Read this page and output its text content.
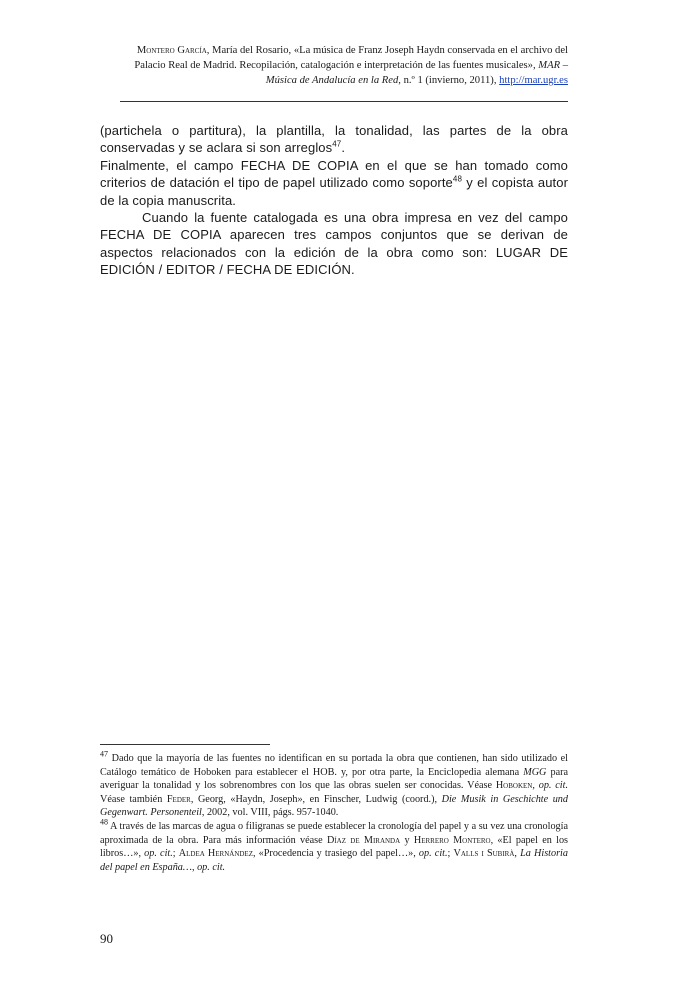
Montero García, María del Rosario, «La música de Franz Joseph Haydn conservada en el archivo del Palacio Real de Madrid. Recopilación, catalogación e interpretación de las fuentes musicales», MAR – Música de Andalucía en la Red, n.º 1 (invierno, 2011), http://mar.ugr.es

(partichela o partitura), la plantilla, la tonalidad, las partes de la obra conservadas y se aclara si son arreglos$^{47}$.

Finalmente, el campo FECHA DE COPIA en el que se han tomado como criterios de datación el tipo de papel utilizado como soporte$^{48}$ y el copista autor de la copia manuscrita.

Cuando la fuente catalogada es una obra impresa en vez del campo FECHA DE COPIA aparecen tres campos conjuntos que se derivan de aspectos relacionados con la edición de la obra como son: LUGAR DE EDICIÓN / EDITOR / FECHA DE EDICIÓN.

$^{47}$ Dado que la mayoría de las fuentes no identifican en su portada la obra que contienen, han sido utilizado el Catálogo temático de Hoboken para establecer el HOB. y, por otra parte, la Enciclopedia alemana MGG para averiguar la tonalidad y los sobrenombres con los que las obras suelen ser conocidas. Véase Hoboken, op. cit. Véase también Feder, Georg, «Haydn, Joseph», en Finscher, Ludwig (coord.), Die Musik in Geschichte und Gegenwart. Personenteil, 2002, vol. VIII, págs. 957-1040.

$^{48}$ A través de las marcas de agua o filigranas se puede establecer la cronología del papel y a su vez una cronología aproximada de la obra. Para más información véase Díaz de Miranda y Herrero Montero, «El papel en los libros…», op. cit.; Aldea Hernández, «Procedencia y trasiego del papel…», op. cit.; Valls i Subirà, La Historia del papel en España…, op. cit.

90
